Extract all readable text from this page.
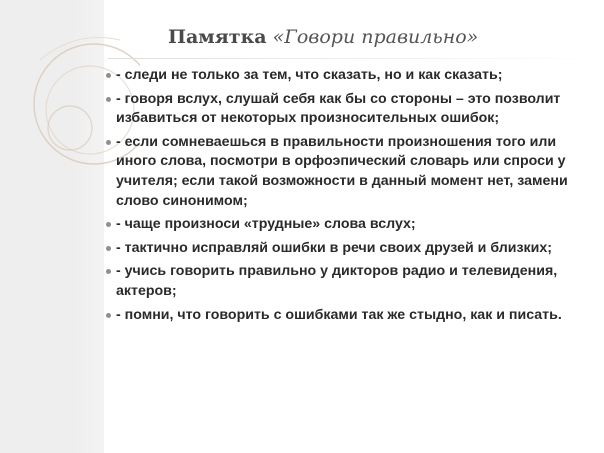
Памятка «Говори правильно»
- следи не только за тем, что сказать, но и как сказать;
- говоря вслух, слушай себя как бы со стороны – это позволит избавиться от некоторых произносительных ошибок;
- если сомневаешься в правильности произношения того или иного слова, посмотри в орфоэпический словарь или спроси у учителя; если такой возможности в данный момент нет, замени слово синонимом;
- чаще произноси «трудные» слова вслух;
- тактично исправляй ошибки в речи своих друзей и близких;
- учись говорить правильно у дикторов радио и телевидения, актеров;
- помни, что говорить с ошибками так же стыдно, как и писать.
